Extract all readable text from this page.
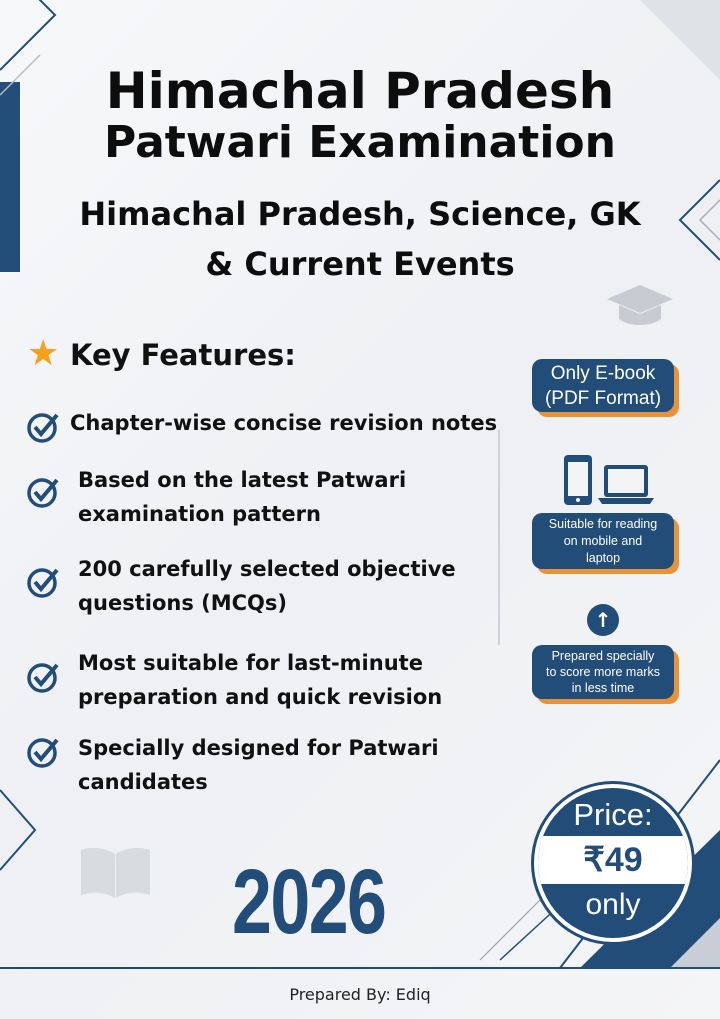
Himachal Pradesh
Patwari Examination
Himachal Pradesh, Science, GK
& Current Events
★ Key Features:
Chapter-wise concise revision notes
Based on the latest Patwari
examination pattern
200 carefully selected objective
questions (MCQs)
Most suitable for last-minute
preparation and quick revision
Specially designed for Patwari
candidates
Only E-book
(PDF Format)
Suitable for reading
on mobile and
laptop
↑
Prepared specially
to score more marks
in less time
2026
Price:
₹49
only
Prepared By: Ediq
